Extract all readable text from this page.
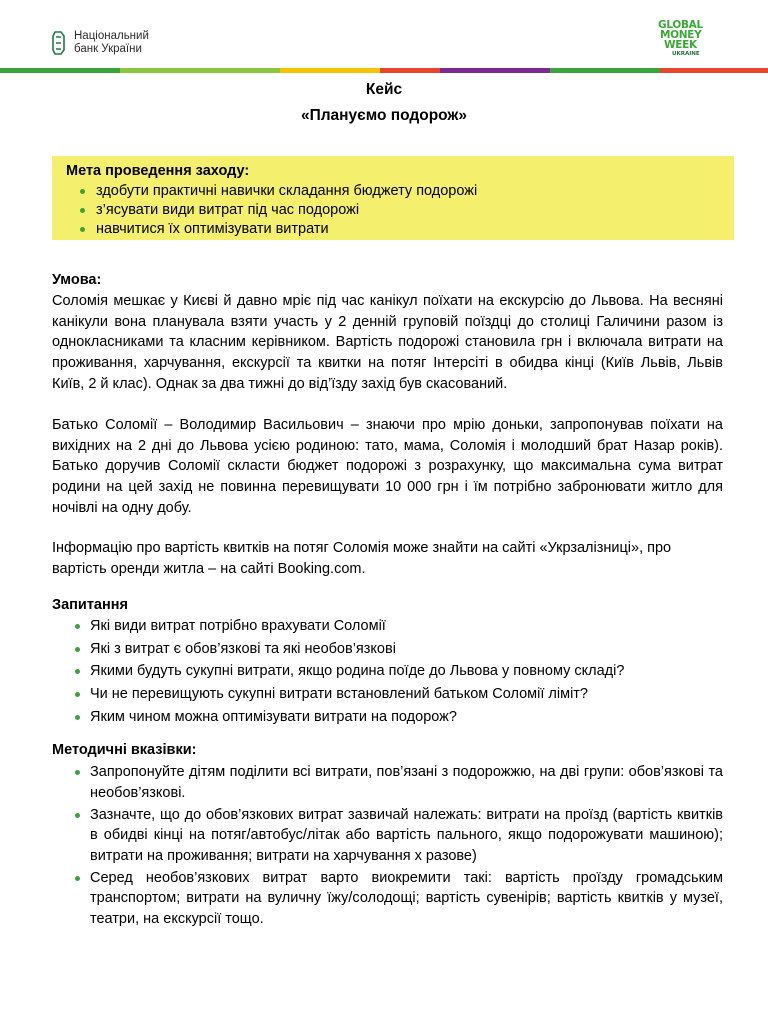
Національний
банк України
GLOBAL
MONEY
WEEK
UKRAINE
Кейс
«Плануємо подорож»
Мета проведення заходу:
здобути практичні навички складання бюджету подорожі
з’ясувати види витрат під час подорожі
навчитися їх оптимізувати витрати
Умова:

Соломія мешкає у Києві й давно мріє під час канікул поїхати на екскурсію до Львова. На весняні канікули вона планувала взяти участь у 2 денній груповій поїздці до столиці Галичини разом із однокласниками та класним керівником. Вартість подорожі становила грн і включала витрати на проживання, харчування, екскурсії та квитки на потяг Інтерсіті в обидва кінці (Київ Львів, Львів Київ, 2 й клас). Однак за два тижні до від’їзду захід був скасований.

Батько Соломії – Володимир Васильович – знаючи про мрію доньки, запропонував поїхати на вихідних на 2 дні до Львова усією родиною: тато, мама, Соломія і молодший брат Назар років). Батько доручив Соломії скласти бюджет подорожі з розрахунку, що максимальна сума витрат родини на цей захід не повинна перевищувати 10 000 грн і їм потрібно забронювати житло для ночівлі на одну добу.

Інформацію про вартість квитків на потяг Соломія може знайти на сайті «Укрзалізниці», про вартість оренди житла – на сайті Booking.com.

Запитання
Які види витрат потрібно врахувати Соломії
Які з витрат є обов’язкові та які необов’язкові
Якими будуть сукупні витрати, якщо родина поїде до Львова у повному складі?
Чи не перевищують сукупні витрати встановлений батьком Соломії ліміт?
Яким чином можна оптимізувати витрати на подорож?
Методичні вказівки:
Запропонуйте дітям поділити всі витрати, пов’язані з подорожжю, на дві групи: обов’язкові та необов’язкові.
Зазначте, що до обов’язкових витрат зазвичай належать: витрати на проїзд (вартість квитків в обидві кінці на потяг/автобус/літак або вартість пального, якщо подорожувати машиною); витрати на проживання; витрати на харчування х разове)
Серед необов’язкових витрат варто виокремити такі: вартість проїзду громадським транспортом; витрати на вуличну їжу/солодощі; вартість сувенірів; вартість квитків у музеї, театри, на екскурсії тощо.
